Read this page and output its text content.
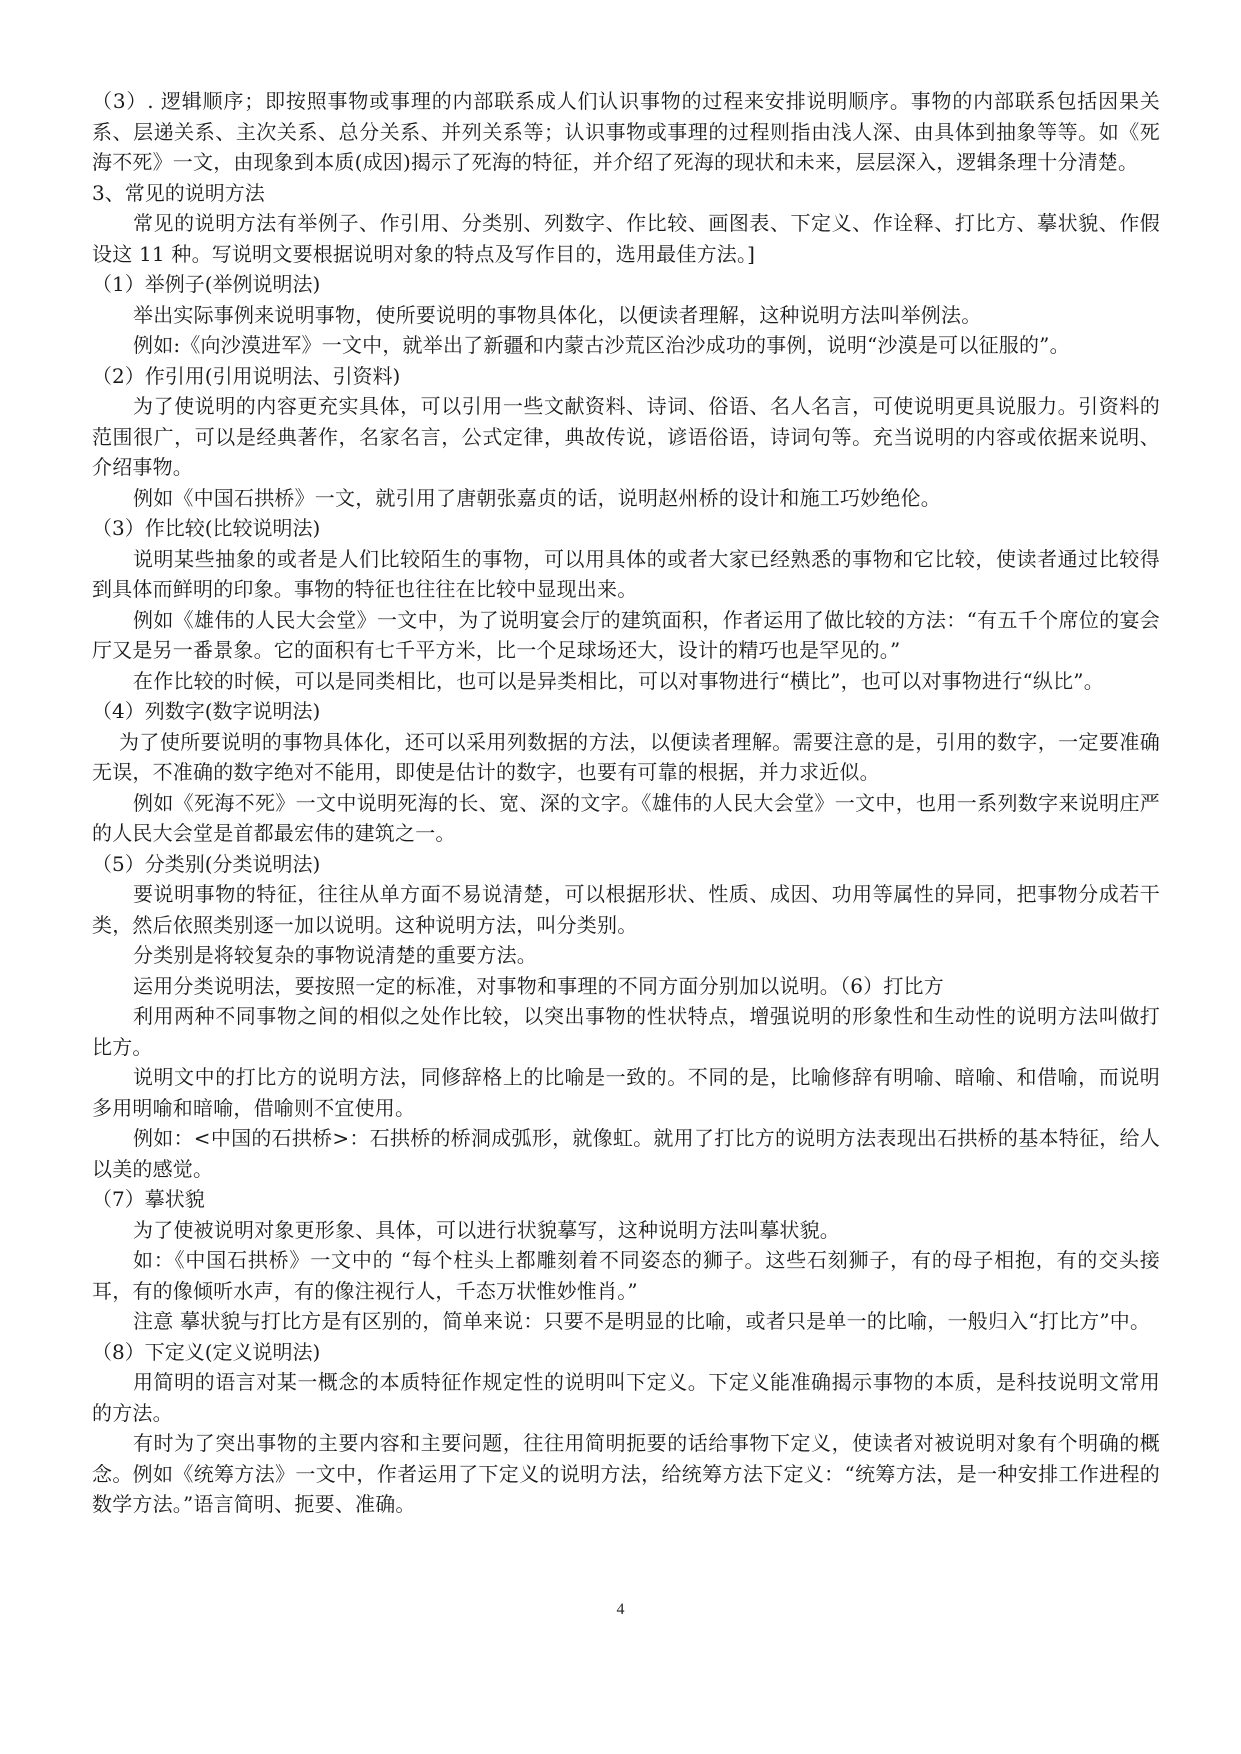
（3）. 逻辑顺序；即按照事物或事理的内部联系成人们认识事物的过程来安排说明顺序。事物的内部联系包括因果关系、层递关系、主次关系、总分关系、并列关系等；认识事物或事理的过程则指由浅人深、由具体到抽象等等。如《死海不死》一文，由现象到本质(成因)揭示了死海的特征，并介绍了死海的现状和未来，层层深入，逻辑条理十分清楚。

3、常见的说明方法

常见的说明方法有举例子、作引用、分类别、列数字、作比较、画图表、下定义、作诠释、打比方、摹状貌、作假设这 11 种。写说明文要根据说明对象的特点及写作目的，选用最佳方法。]

（1）举例子(举例说明法)

举出实际事例来说明事物，使所要说明的事物具体化，以便读者理解，这种说明方法叫举例法。

例如:《向沙漠进军》一文中，就举出了新疆和内蒙古沙荒区治沙成功的事例，说明“沙漠是可以征服的”。

（2）作引用(引用说明法、引资料)

为了使说明的内容更充实具体，可以引用一些文献资料、诗词、俗语、名人名言，可使说明更具说服力。引资料的范围很广，可以是经典著作，名家名言，公式定律，典故传说，谚语俗语，诗词句等。充当说明的内容或依据来说明、介绍事物。

例如《中国石拱桥》一文，就引用了唐朝张嘉贞的话，说明赵州桥的设计和施工巧妙绝伦。

（3）作比较(比较说明法)

说明某些抽象的或者是人们比较陌生的事物，可以用具体的或者大家已经熟悉的事物和它比较，使读者通过比较得到具体而鲜明的印象。事物的特征也往往在比较中显现出来。

例如《雄伟的人民大会堂》一文中，为了说明宴会厅的建筑面积，作者运用了做比较的方法：“有五千个席位的宴会厅又是另一番景象。它的面积有七千平方米，比一个足球场还大，设计的精巧也是罕见的。”

在作比较的时候，可以是同类相比，也可以是异类相比，可以对事物进行“横比”，也可以对事物进行“纵比”。

（4）列数字(数字说明法)

为了使所要说明的事物具体化，还可以采用列数据的方法，以便读者理解。需要注意的是，引用的数字，一定要准确无误，不准确的数字绝对不能用，即使是估计的数字，也要有可靠的根据，并力求近似。

例如《死海不死》一文中说明死海的长、宽、深的文字。《雄伟的人民大会堂》一文中，也用一系列数字来说明庄严的人民大会堂是首都最宏伟的建筑之一。

（5）分类别(分类说明法)

要说明事物的特征，往往从单方面不易说清楚，可以根据形状、性质、成因、功用等属性的异同，把事物分成若干类，然后依照类别逐一加以说明。这种说明方法，叫分类别。

分类别是将较复杂的事物说清楚的重要方法。

运用分类说明法，要按照一定的标准，对事物和事理的不同方面分别加以说明。（6）打比方

利用两种不同事物之间的相似之处作比较，以突出事物的性状特点，增强说明的形象性和生动性的说明方法叫做打比方。

说明文中的打比方的说明方法，同修辞格上的比喻是一致的。不同的是，比喻修辞有明喻、暗喻、和借喻，而说明多用明喻和暗喻，借喻则不宜使用。

例如：<中国的石拱桥>：石拱桥的桥洞成弧形，就像虹。就用了打比方的说明方法表现出石拱桥的基本特征，给人以美的感觉。

（7）摹状貌

为了使被说明对象更形象、具体，可以进行状貌摹写，这种说明方法叫摹状貌。

如：《中国石拱桥》一文中的 “每个柱头上都雕刻着不同姿态的狮子。这些石刻狮子，有的母子相抱，有的交头接耳，有的像倾听水声，有的像注视行人，千态万状惟妙惟肖。”

注意 摹状貌与打比方是有区别的，简单来说：只要不是明显的比喻，或者只是单一的比喻，一般归入“打比方”中。

（8）下定义(定义说明法)

用简明的语言对某一概念的本质特征作规定性的说明叫下定义。下定义能准确揭示事物的本质，是科技说明文常用的方法。

有时为了突出事物的主要内容和主要问题，往往用简明扼要的话给事物下定义，使读者对被说明对象有个明确的概念。例如《统筹方法》一文中，作者运用了下定义的说明方法，给统筹方法下定义：“统筹方法，是一种安排工作进程的数学方法。”语言简明、扼要、准确。

4
